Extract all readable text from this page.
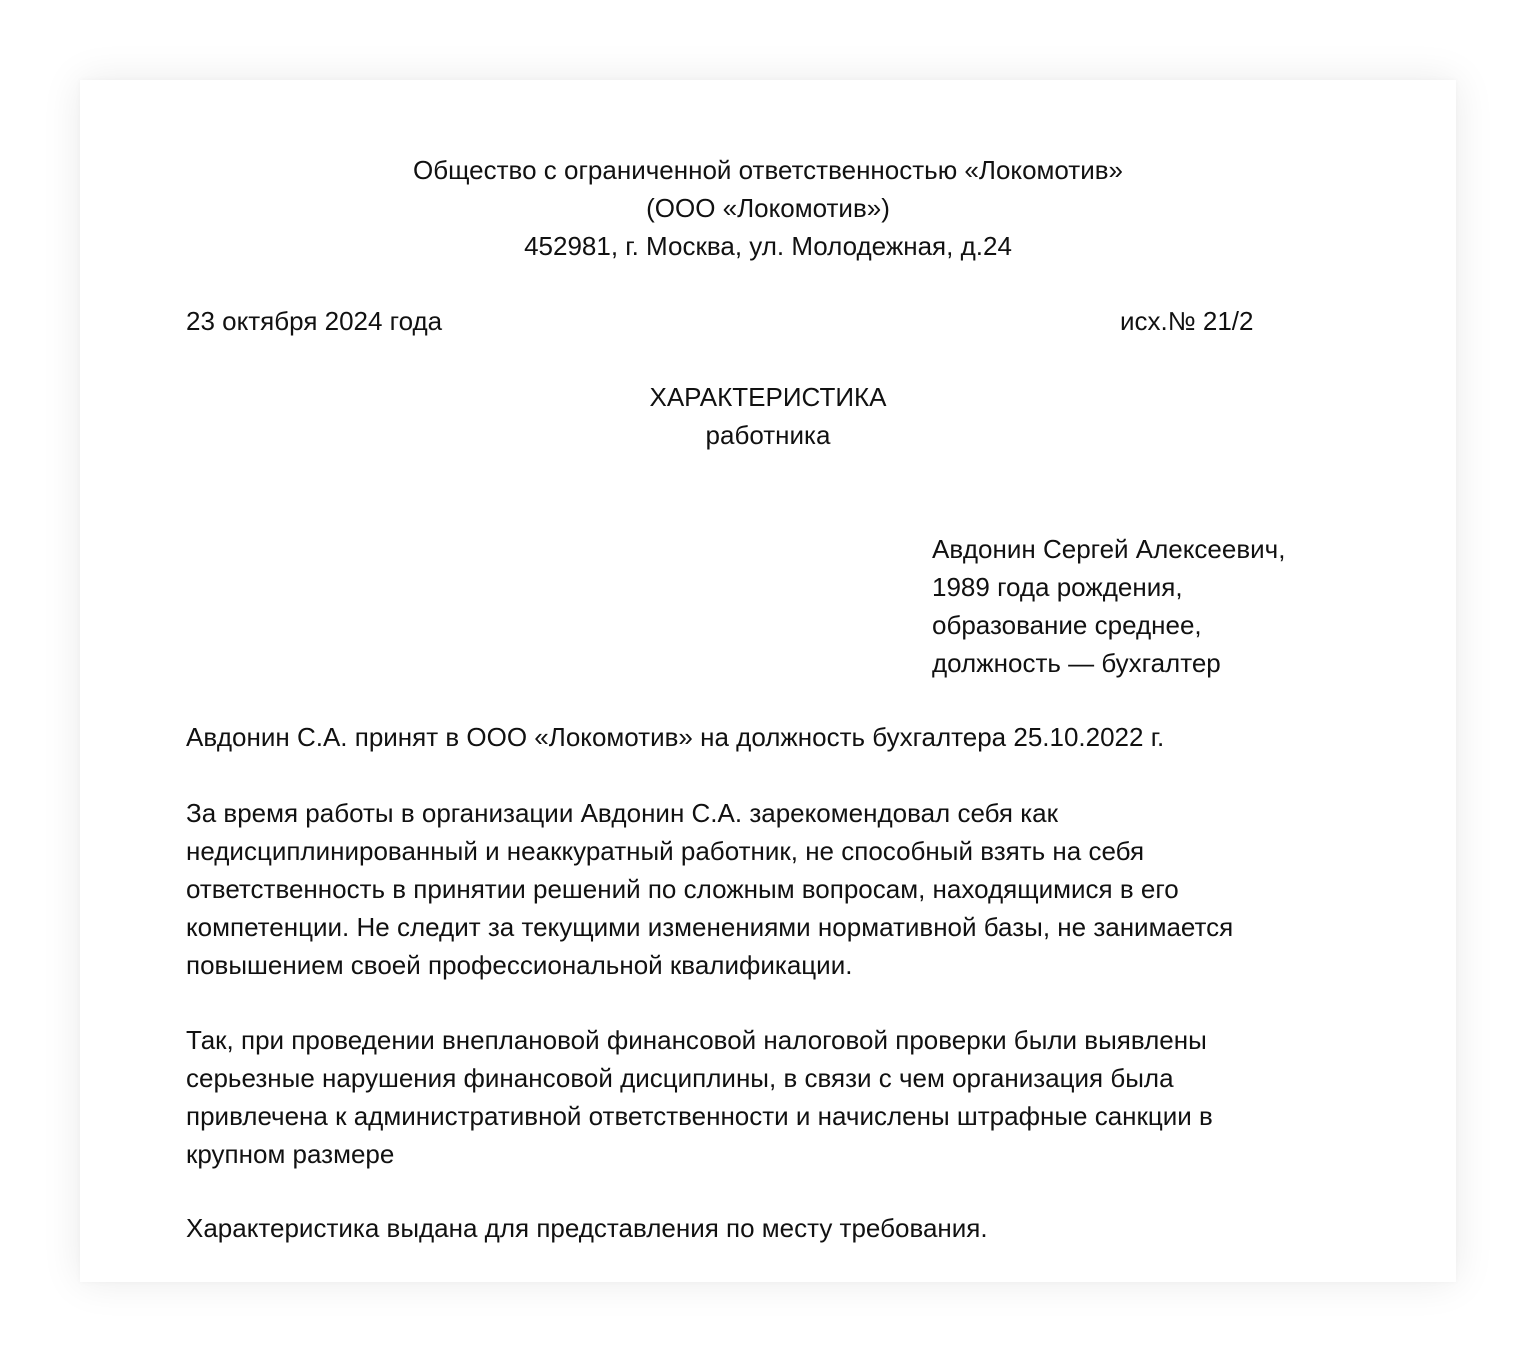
Общество с ограниченной ответственностью «Локомотив»
(ООО «Локомотив»)
452981, г. Москва, ул. Молодежная, д.24
23 октября 2024 года	исх.№ 21/2
ХАРАКТЕРИСТИКА
работника
Авдонин Сергей Алексеевич,
1989 года рождения,
образование среднее,
должность — бухгалтер
Авдонин С.А. принят в ООО «Локомотив» на должность бухгалтера 25.10.2022 г.
За время работы в организации Авдонин С.А. зарекомендовал себя как
недисциплинированный и неаккуратный работник, не способный взять на себя
ответственность в принятии решений по сложным вопросам, находящимися в его
компетенции. Не следит за текущими изменениями нормативной базы, не занимается
повышением своей профессиональной квалификации.
Так, при проведении внеплановой финансовой налоговой проверки были выявлены
серьезные нарушения финансовой дисциплины, в связи с чем организация была
привлечена к административной ответственности и начислены штрафные санкции в
крупном размере
Характеристика выдана для представления по месту требования.
